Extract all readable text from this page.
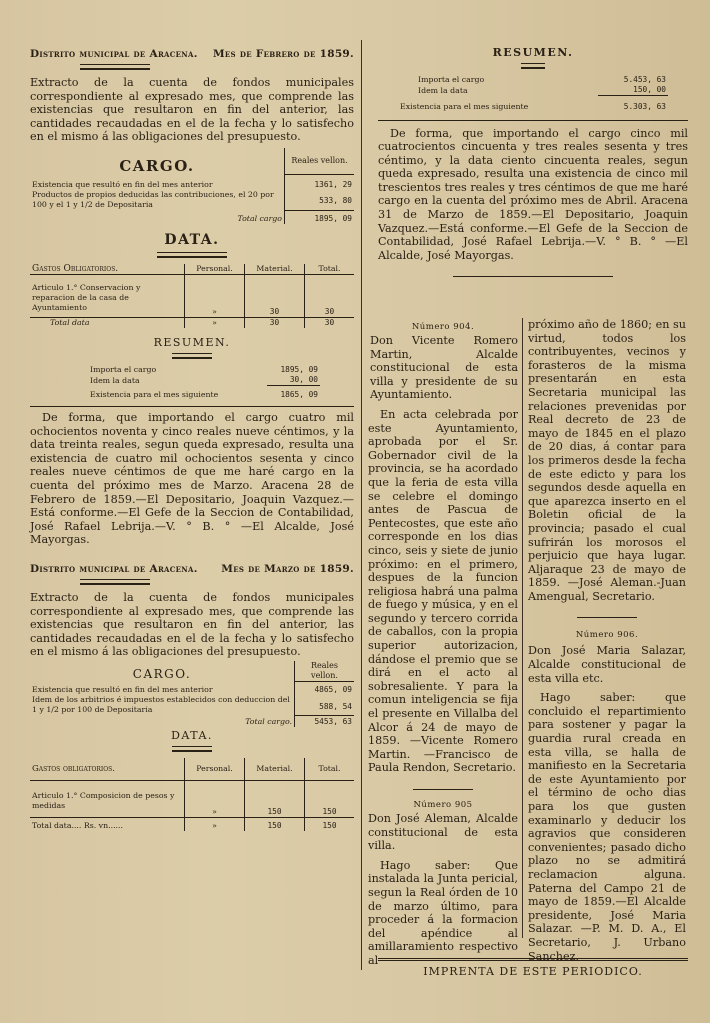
Distrito municipal de Aracena. Mes de Febrero de 1859.

Extracto de la cuenta de fondos municipales correspondiente al expresado mes, que comprende las existencias que resultaron en fin del anterior, las cantidades recaudadas en el de la fecha y lo satisfecho en el mismo á las obligaciones del presupuesto.

CARGO.	Reales vellon.
Existencia que resultó en fin del mes anterior	1361, 29
Productos de propios deducidas las contribuciones, el 20 por 100 y el 1 y 1/2 de Depositaria	533, 80
Total cargo	1895, 09
DATA.
Gastos Obligatorios.	Personal.	Material.	Total.
Articulo 1.° Conservacion y reparacion de la casa de Ayuntamiento	»	30	30
Total data	»	30	30
RESUMEN.
Importa el cargo	1895, 09
Idem la data	30, 00
Existencia para el mes siguiente	1865, 09

De forma, que importando el cargo cuatro mil ochocientos noventa y cinco reales nueve céntimos, y la data treinta reales, segun queda expresado, resulta una existencia de cuatro mil ochocientos sesenta y cinco reales nueve céntimos de que me haré cargo en la cuenta del próximo mes de Marzo. Aracena 28 de Febrero de 1859.—El Depositario, Joaquin Vazquez.—Está conforme.—El Gefe de la Seccion de Contabilidad, José Rafael Lebrija.—V. ° B. ° —El Alcalde, José Mayorgas.

Distrito municipal de Aracena. Mes de Marzo de 1859.

Extracto de la cuenta de fondos municipales correspondiente al expresado mes, que comprende las existencias que resultaron en fin del anterior, las cantidades recaudadas en el de la fecha y lo satisfecho en el mismo á las obligaciones del presupuesto.

CARGO.	Reales vellon.
Existencia que resultó en fin del mes anterior	4865, 09
Idem de los arbitrios é impuestos establecidos con deduccion del 1 y 1/2 por 100 de Depositaria	588, 54
Total cargo.	5453, 63
DATA.
Gastos obligatorios.	Personal.	Material.	Total.
Articulo 1.° Composicion de pesos y medidas	»	150	150
Total data.... Rs. vn......	»	150	150
RESUMEN.
Importa el cargo	5.453, 63
Idem la data	150, 00
Existencia para el mes siguiente	5.303, 63

De forma, que importando el cargo cinco mil cuatrocientos cincuenta y tres reales sesenta y tres céntimo, y la data ciento cincuenta reales, segun queda expresado, resulta una existencia de cinco mil trescientos tres reales y tres céntimos de que me haré cargo en la cuenta del próximo mes de Abril. Aracena 31 de Marzo de 1859.—El Depositario, Joaquin Vazquez.—Está conforme.—El Gefe de la Seccion de Contabilidad, José Rafael Lebrija.—V. ° B. ° —El Alcalde, José Mayorgas.

Número 904.

Don Vicente Romero Martin, Alcalde constitucional de esta villa y presidente de su Ayuntamiento.

En acta celebrada por este Ayuntamiento, aprobada por el Sr. Gobernador civil de la provincia, se ha acordado que la feria de esta villa se celebre el domingo antes de Pascua de Pentecostes, que este año corresponde en los dias cinco, seis y siete de junio próximo: en el primero, despues de la funcion religiosa habrá una palma de fuego y música, y en el segundo y tercero corrida de caballos, con la propia superior autorizacion, dándose el premio que se dirá en el acto al sobresaliente. Y para la comun inteligencia se fija el presente en Villalba del Alcor á 24 de mayo de 1859. —Vicente Romero Martin. —Francisco de Paula Rendon, Secretario.

Número 905

Don José Aleman, Alcalde constitucional de esta villa.

Hago saber: Que instalada la Junta pericial, segun la Real órden de 10 de marzo último, para proceder á la formacion del apéndice al amillaramiento respectivo al

próximo año de 1860; en su virtud, todos los contribuyentes, vecinos y forasteros de la misma presentarán en esta Secretaria municipal las relaciones prevenidas por Real decreto de 23 de mayo de 1845 en el plazo de 20 dias, á contar para los primeros desde la fecha de este edicto y para los segundos desde aquella en que aparezca inserto en el Boletin oficial de la provincia; pasado el cual sufrirán los morosos el perjuicio que haya lugar. Aljaraque 23 de mayo de 1859. —José Aleman.-Juan Amengual, Secretario.

Número 906.

Don José Maria Salazar, Alcalde constitucional de esta villa etc.

Hago saber: que concluido el repartimiento para sostener y pagar la guardia rural creada en esta villa, se halla de manifiesto en la Secretaria de este Ayuntamiento por el término de ocho dias para los que gusten examinarlo y deducir los agravios que consideren convenientes; pasado dicho plazo no se admitirá reclamacion alguna. Paterna del Campo 21 de mayo de 1859.—El Alcalde presidente, José Maria Salazar. —P. M. D. A., El Secretario, J. Urbano Sanchez.

IMPRENTA DE ESTE PERIODICO.
